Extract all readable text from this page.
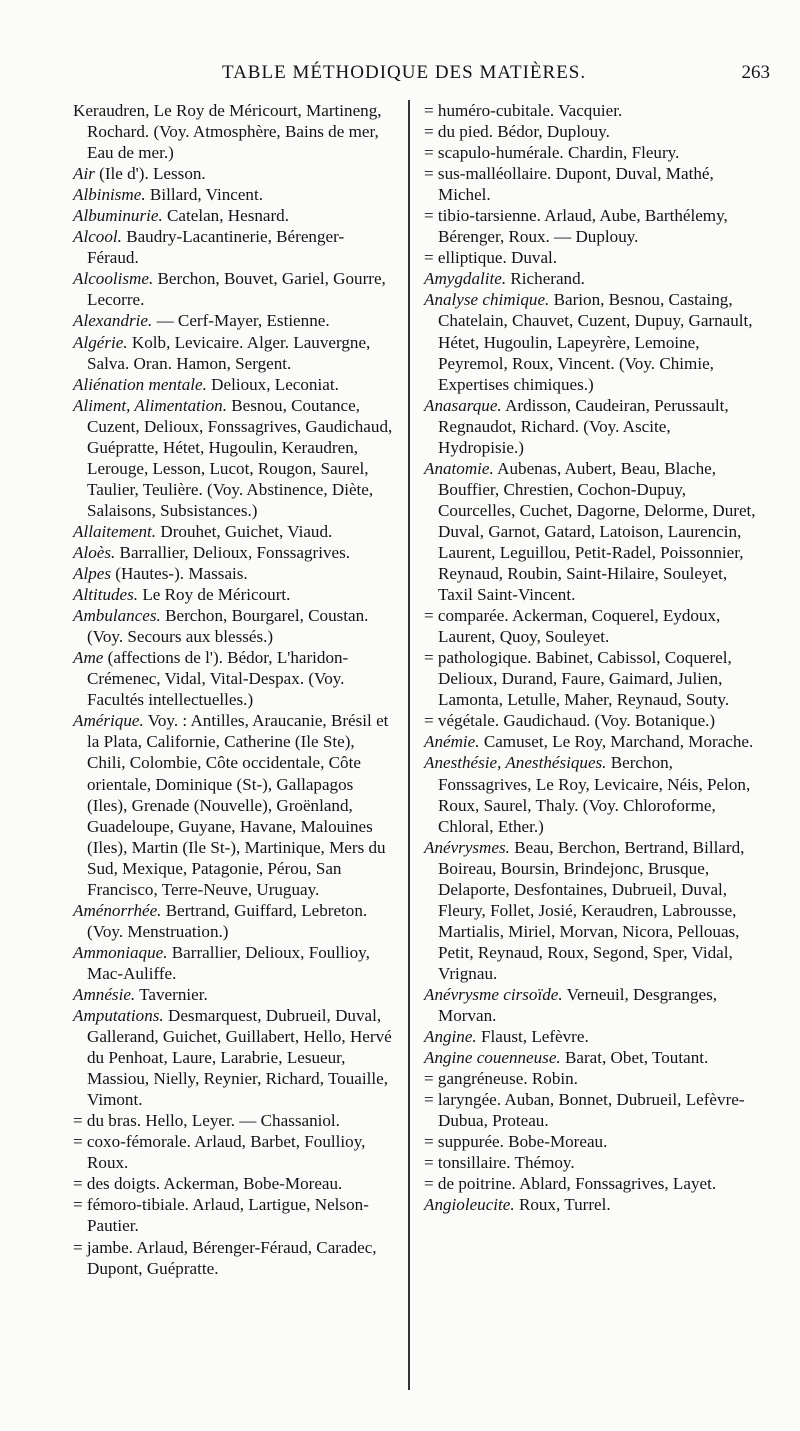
TABLE MÉTHODIQUE DES MATIÈRES.	263

Keraudren, Le Roy de Méricourt, Martineng, Rochard. (Voy. Atmosphère, Bains de mer, Eau de mer.)

Air (Ile d'). Lesson.

Albinisme. Billard, Vincent.

Albuminurie. Catelan, Hesnard.

Alcool. Baudry-Lacantinerie, Bérenger-Féraud.

Alcoolisme. Berchon, Bouvet, Gariel, Gourre, Lecorre.

Alexandrie. — Cerf-Mayer, Estienne.

Algérie. Kolb, Levicaire. Alger. Lauvergne, Salva. Oran. Hamon, Sergent.

Aliénation mentale. Delioux, Leconiat.

Aliment, Alimentation. Besnou, Coutance, Cuzent, Delioux, Fonssagrives, Gaudichaud, Guépratte, Hétet, Hugoulin, Keraudren, Lerouge, Lesson, Lucot, Rougon, Saurel, Taulier, Teulière. (Voy. Abstinence, Diète, Salaisons, Subsistances.)

Allaitement. Drouhet, Guichet, Viaud.

Aloès. Barrallier, Delioux, Fonssagrives.

Alpes (Hautes-). Massais.

Altitudes. Le Roy de Méricourt.

Ambulances. Berchon, Bourgarel, Coustan. (Voy. Secours aux blessés.)

Ame (affections de l'). Bédor, L'haridon-Crémenec, Vidal, Vital-Despax. (Voy. Facultés intellectuelles.)

Amérique. Voy. : Antilles, Araucanie, Brésil et la Plata, Californie, Catherine (Ile Ste), Chili, Colombie, Côte occidentale, Côte orientale, Dominique (St-), Gallapagos (Iles), Grenade (Nouvelle), Groënland, Guadeloupe, Guyane, Havane, Malouines (Iles), Martin (Ile St-), Martinique, Mers du Sud, Mexique, Patagonie, Pérou, San Francisco, Terre-Neuve, Uruguay.

Aménorrhée. Bertrand, Guiffard, Lebreton. (Voy. Menstruation.)

Ammoniaque. Barrallier, Delioux, Foullioy, Mac-Auliffe.

Amnésie. Tavernier.

Amputations. Desmarquest, Dubrueil, Duval, Gallerand, Guichet, Guillabert, Hello, Hervé du Penhoat, Laure, Larabrie, Lesueur, Massiou, Nielly, Reynier, Richard, Touaille, Vimont.

= du bras. Hello, Leyer. — Chassaniol.

= coxo-fémorale. Arlaud, Barbet, Foullioy, Roux.

= des doigts. Ackerman, Bobe-Moreau.

= fémoro-tibiale. Arlaud, Lartigue, Nelson-Pautier.

= jambe. Arlaud, Bérenger-Féraud, Caradec, Dupont, Guépratte.

= huméro-cubitale. Vacquier.

= du pied. Bédor, Duplouy.

= scapulo-humérale. Chardin, Fleury.

= sus-malléollaire. Dupont, Duval, Mathé, Michel.

= tibio-tarsienne. Arlaud, Aube, Barthélemy, Bérenger, Roux. — Duplouy.

= elliptique. Duval.

Amygdalite. Richerand.

Analyse chimique. Barion, Besnou, Castaing, Chatelain, Chauvet, Cuzent, Dupuy, Garnault, Hétet, Hugoulin, Lapeyrère, Lemoine, Peyremol, Roux, Vincent. (Voy. Chimie, Expertises chimiques.)

Anasarque. Ardisson, Caudeiran, Perussault, Regnaudot, Richard. (Voy. Ascite, Hydropisie.)

Anatomie. Aubenas, Aubert, Beau, Blache, Bouffier, Chrestien, Cochon-Dupuy, Courcelles, Cuchet, Dagorne, Delorme, Duret, Duval, Garnot, Gatard, Latoison, Laurencin, Laurent, Leguillou, Petit-Radel, Poissonnier, Reynaud, Roubin, Saint-Hilaire, Souleyet, Taxil Saint-Vincent.

= comparée. Ackerman, Coquerel, Eydoux, Laurent, Quoy, Souleyet.

= pathologique. Babinet, Cabissol, Coquerel, Delioux, Durand, Faure, Gaimard, Julien, Lamonta, Letulle, Maher, Reynaud, Souty.

= végétale. Gaudichaud. (Voy. Botanique.)

Anémie. Camuset, Le Roy, Marchand, Morache.

Anesthésie, Anesthésiques. Berchon, Fonssagrives, Le Roy, Levicaire, Néis, Pelon, Roux, Saurel, Thaly. (Voy. Chloroforme, Chloral, Ether.)

Anévrysmes. Beau, Berchon, Bertrand, Billard, Boireau, Boursin, Brindejonc, Brusque, Delaporte, Desfontaines, Dubrueil, Duval, Fleury, Follet, Josié, Keraudren, Labrousse, Martialis, Miriel, Morvan, Nicora, Pellouas, Petit, Reynaud, Roux, Segond, Sper, Vidal, Vrignau.

Anévrysme cirsoïde. Verneuil, Desgranges, Morvan.

Angine. Flaust, Lefèvre.

Angine couenneuse. Barat, Obet, Toutant.

= gangréneuse. Robin.

= laryngée. Auban, Bonnet, Dubrueil, Lefèvre-Dubua, Proteau.

= suppurée. Bobe-Moreau.

= tonsillaire. Thémoy.

= de poitrine. Ablard, Fonssagrives, Layet.

Angioleucite. Roux, Turrel.
